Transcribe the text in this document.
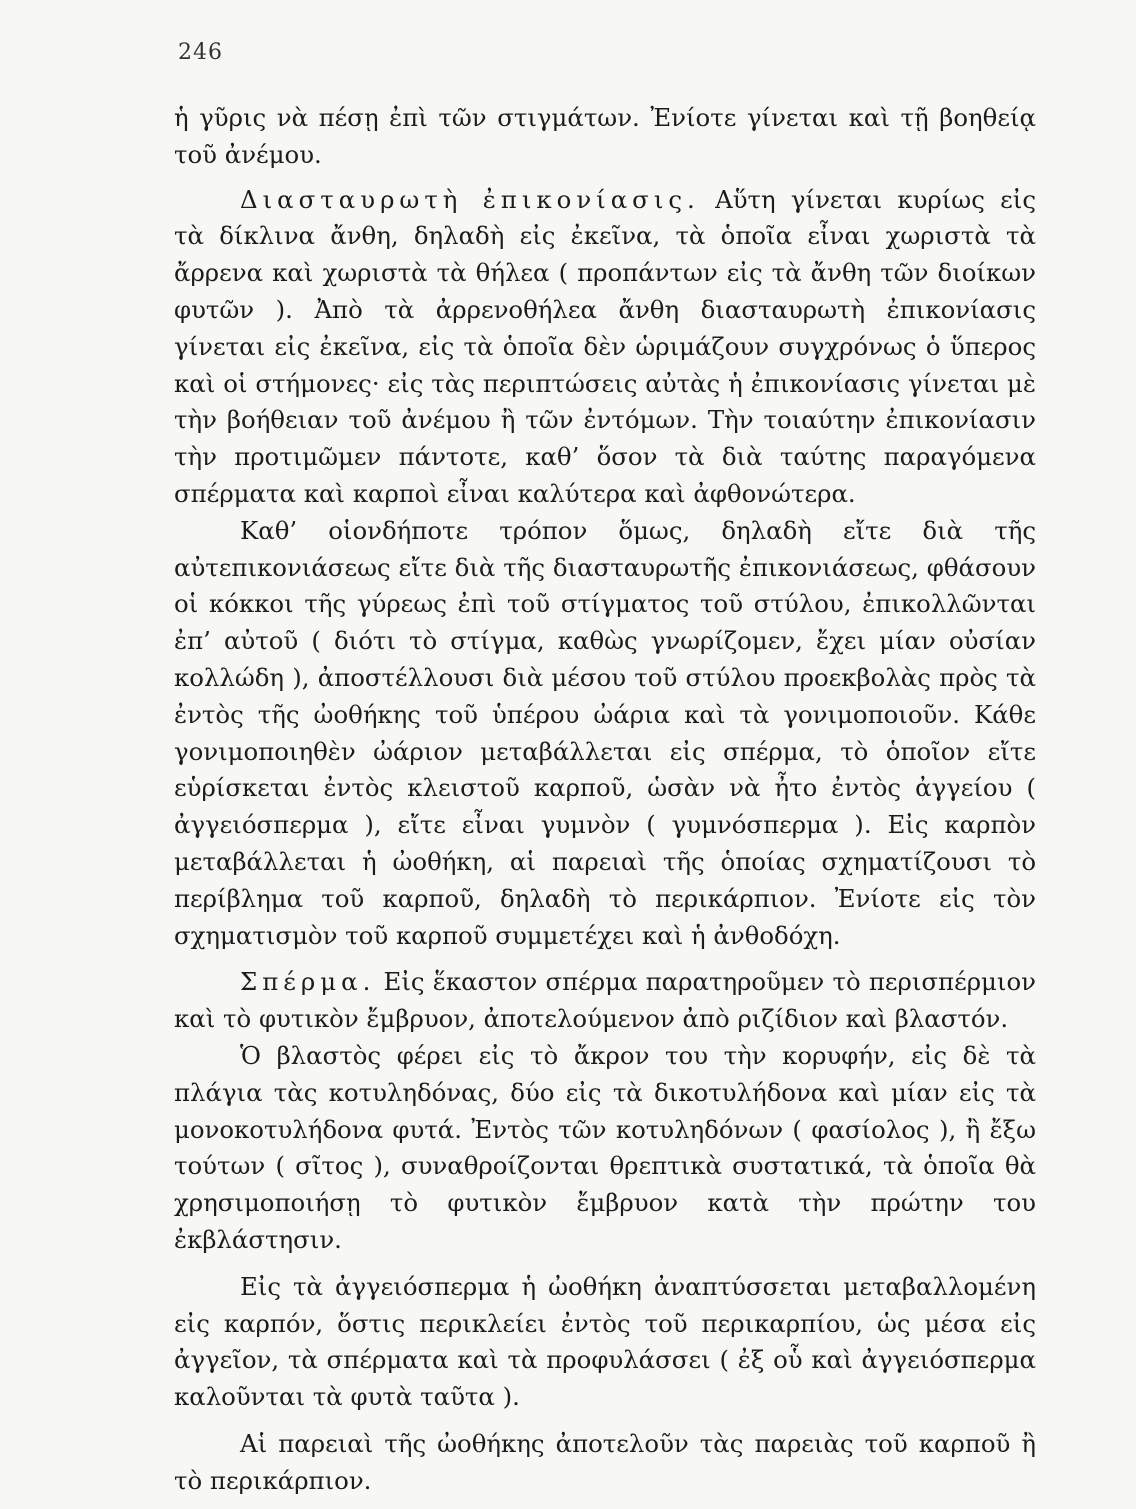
246

ἡ γῦρις νὰ πέσῃ ἐπὶ τῶν στιγμάτων. Ἐνίοτε γίνεται καὶ τῇ βοηθείᾳ τοῦ ἀνέμου.

Διασταυρωτὴ ἐπικονίασις. Αὕτη γίνεται κυρίως εἰς τὰ δίκλινα ἄνθη, δηλαδὴ εἰς ἐκεῖνα, τὰ ὁποῖα εἶναι χωριστὰ τὰ ἄρρενα καὶ χωριστὰ τὰ θήλεα ( προπάντων εἰς τὰ ἄνθη τῶν διοίκων φυτῶν ). Ἀπὸ τὰ ἀρρενοθήλεα ἄνθη διασταυρωτὴ ἐπικονίασις γίνεται εἰς ἐκεῖνα, εἰς τὰ ὁποῖα δὲν ὡριμάζουν συγχρόνως ὁ ὕπερος καὶ οἱ στήμονες· εἰς τὰς περιπτώσεις αὐτὰς ἡ ἐπικονίασις γίνεται μὲ τὴν βοήθειαν τοῦ ἀνέμου ἢ τῶν ἐντόμων. Τὴν τοιαύτην ἐπικονίασιν τὴν προτιμῶμεν πάντοτε, καθ’ ὅσον τὰ διὰ ταύτης παραγόμενα σπέρματα καὶ καρποὶ εἶναι καλύτερα καὶ ἀφθονώτερα.

Καθ’ οἱονδήποτε τρόπον ὅμως, δηλαδὴ εἴτε διὰ τῆς αὐτεπικονιάσεως εἴτε διὰ τῆς διασταυρωτῆς ἐπικονιάσεως, φθάσουν οἱ κόκκοι τῆς γύρεως ἐπὶ τοῦ στίγματος τοῦ στύλου, ἐπικολλῶνται ἐπ’ αὐτοῦ ( διότι τὸ στίγμα, καθὼς γνωρίζομεν, ἔχει μίαν οὐσίαν κολλώδη ), ἀποστέλλουσι διὰ μέσου τοῦ στύλου προεκβολὰς πρὸς τὰ ἐντὸς τῆς ὠοθήκης τοῦ ὑπέρου ὠάρια καὶ τὰ γονιμοποιοῦν. Κάθε γονιμοποιηθὲν ὠάριον μεταβάλλεται εἰς σπέρμα, τὸ ὁποῖον εἴτε εὑρίσκεται ἐντὸς κλειστοῦ καρποῦ, ὡσὰν νὰ ἦτο ἐντὸς ἀγγείου ( ἀγγειόσπερμα ), εἴτε εἶναι γυμνὸν ( γυμνόσπερμα ). Εἰς καρπὸν μεταβάλλεται ἡ ὠοθήκη, αἱ παρειαὶ τῆς ὁποίας σχηματίζουσι τὸ περίβλημα τοῦ καρποῦ, δηλαδὴ τὸ περικάρπιον. Ἐνίοτε εἰς τὸν σχηματισμὸν τοῦ καρποῦ συμμετέχει καὶ ἡ ἀνθοδόχη.

Σπέρμα. Εἰς ἕκαστον σπέρμα παρατηροῦμεν τὸ περισπέρμιον καὶ τὸ φυτικὸν ἔμβρυον, ἀποτελούμενον ἀπὸ ριζίδιον καὶ βλαστόν.

Ὁ βλαστὸς φέρει εἰς τὸ ἄκρον του τὴν κορυφήν, εἰς δὲ τὰ πλάγια τὰς κοτυληδόνας, δύο εἰς τὰ δικοτυλήδονα καὶ μίαν εἰς τὰ μονοκοτυλήδονα φυτά. Ἐντὸς τῶν κοτυληδόνων ( φασίολος ), ἢ ἔξω τούτων ( σῖτος ), συναθροίζονται θρεπτικὰ συστατικά, τὰ ὁποῖα θὰ χρησιμοποιήσῃ τὸ φυτικὸν ἔμβρυον κατὰ τὴν πρώτην του ἐκβλάστησιν.

Εἰς τὰ ἀγγειόσπερμα ἡ ὠοθήκη ἀναπτύσσεται μεταβαλλομένη εἰς καρπόν, ὅστις περικλείει ἐντὸς τοῦ περικαρπίου, ὡς μέσα εἰς ἀγγεῖον, τὰ σπέρματα καὶ τὰ προφυλάσσει ( ἐξ οὗ καὶ ἀγγειόσπερμα καλοῦνται τὰ φυτὰ ταῦτα ).

Αἱ παρειαὶ τῆς ὠοθήκης ἀποτελοῦν τὰς παρειὰς τοῦ καρποῦ ἢ τὸ περικάρπιον.
